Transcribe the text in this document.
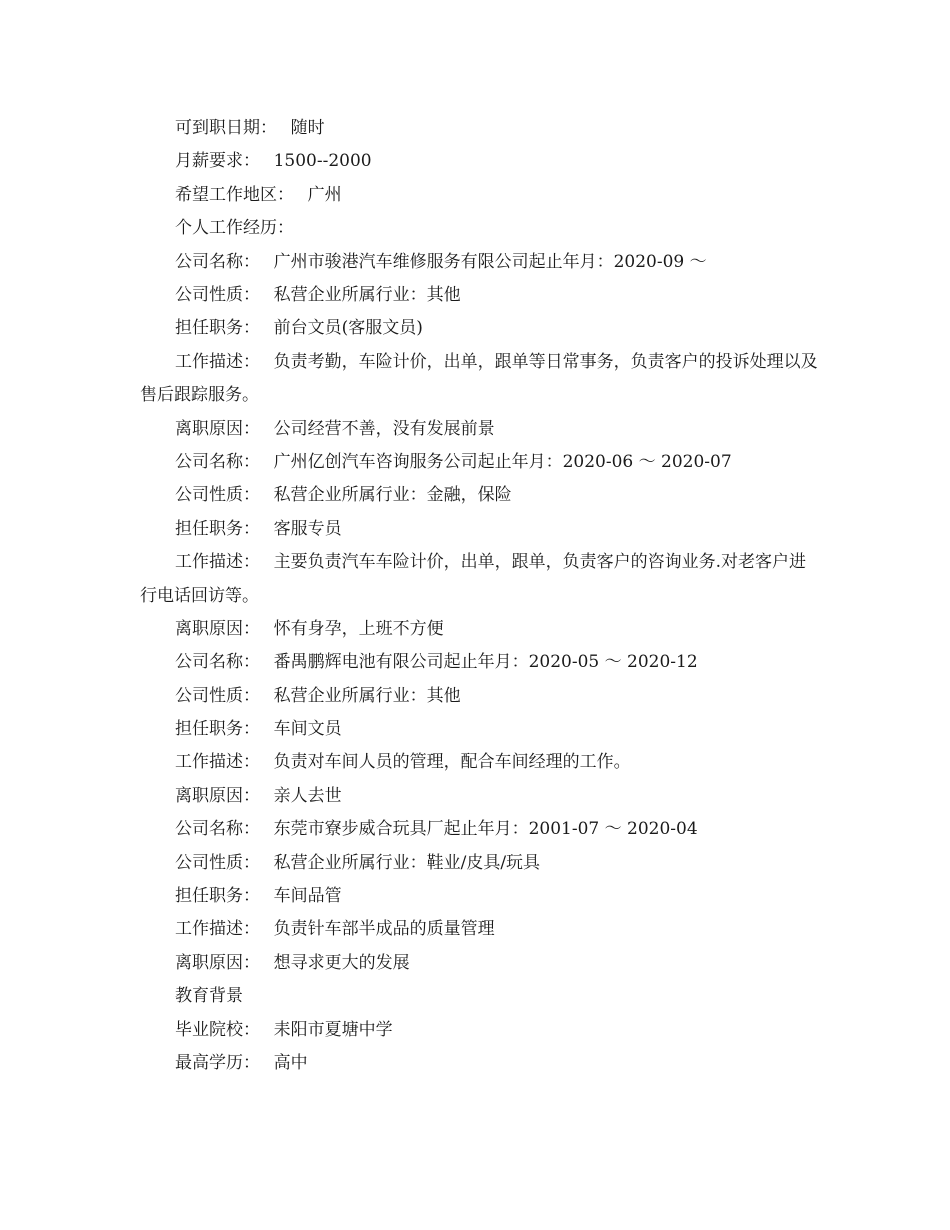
可到职日期： 随时
月薪要求： 1500--2000
希望工作地区： 广州
个人工作经历：
公司名称： 广州市骏港汽车维修服务有限公司起止年月：2020-09 ～
公司性质： 私营企业所属行业：其他
担任职务： 前台文员(客服文员)
工作描述： 负责考勤，车险计价，出单，跟单等日常事务，负责客户的投诉处理以及售后跟踪服务。
离职原因： 公司经营不善，没有发展前景
公司名称： 广州亿创汽车咨询服务公司起止年月：2020-06 ～ 2020-07
公司性质： 私营企业所属行业：金融，保险
担任职务： 客服专员
工作描述： 主要负责汽车车险计价，出单，跟单，负责客户的咨询业务.对老客户进行电话回访等。
离职原因： 怀有身孕，上班不方便
公司名称： 番禺鹏辉电池有限公司起止年月：2020-05 ～ 2020-12
公司性质： 私营企业所属行业：其他
担任职务： 车间文员
工作描述： 负责对车间人员的管理，配合车间经理的工作。
离职原因： 亲人去世
公司名称： 东莞市寮步威合玩具厂起止年月：2001-07 ～ 2020-04
公司性质： 私营企业所属行业：鞋业/皮具/玩具
担任职务： 车间品管
工作描述： 负责针车部半成品的质量管理
离职原因： 想寻求更大的发展
教育背景
毕业院校： 耒阳市夏塘中学
最高学历： 高中
